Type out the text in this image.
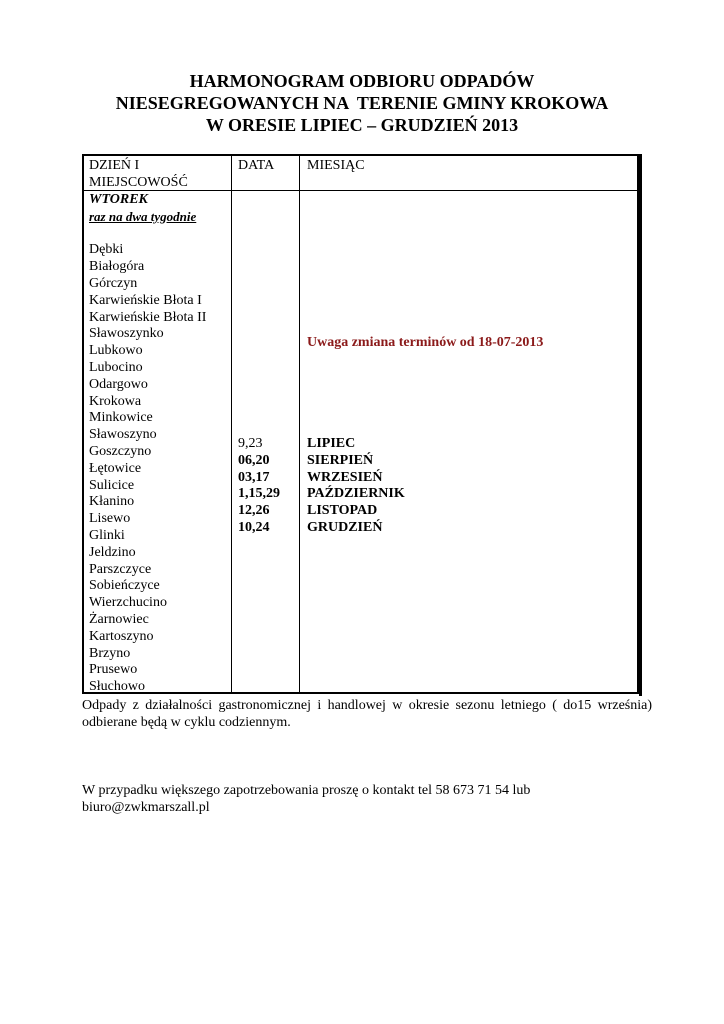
HARMONOGRAM ODBIORU ODPADÓW
NIESEGREGOWANYCH NA  TERENIE GMINY KROKOWA
W ORESIE LIPIEC – GRUDZIEŃ 2013
DZIEŃ I MIEJSCOWOŚĆ
DATA	MIESIĄC
WTOREK
raz na dwa tygodnie
Dębki
Białogóra
Górczyn
Karwieńskie Błota I
Karwieńskie Błota II
Sławoszynko
Lubkowo
Lubocino
Odargowo
Krokowa
Minkowice
Sławoszyno
Goszczyno
Łętowice
Sulicice
Kłanino
Lisewo
Glinki
Jeldzino
Parszczyce
Sobieńczyce
Wierzchucino
Żarnowiec
Kartoszyno
Brzyno
Prusewo
Słuchowo
Uwaga zmiana terminów od 18-07-2013
9,23
06,20
03,17
1,15,29
12,26
10,24
LIPIEC
SIERPIEŃ
WRZESIEŃ
PAŹDZIERNIK
LISTOPAD
GRUDZIEŃ
Odpady z działalności gastronomicznej i handlowej w okresie sezonu letniego ( do15 września) odbierane będą w cyklu codziennym.
W przypadku większego zapotrzebowania proszę o kontakt tel 58 673 71 54 lub biuro@zwkmarszall.pl
